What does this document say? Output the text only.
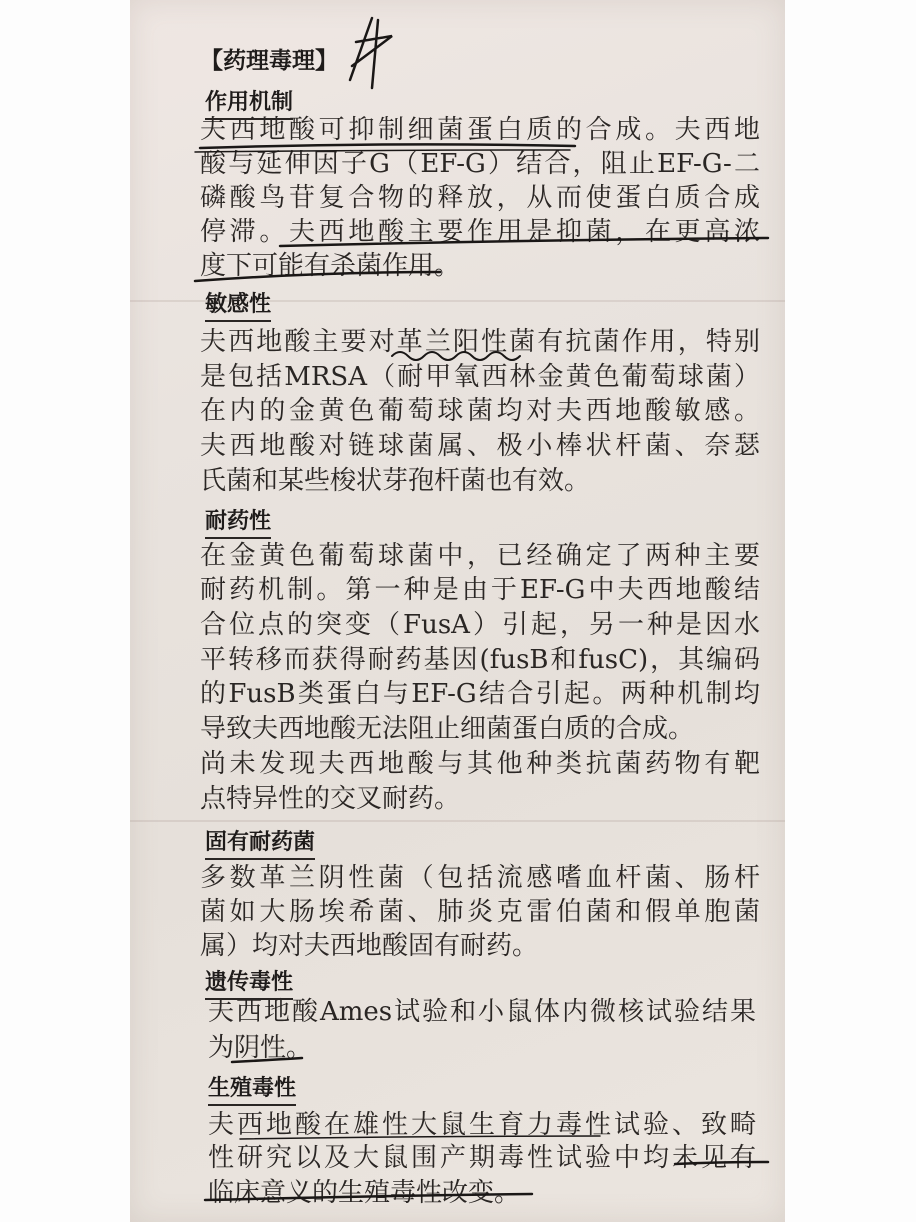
【药理毒理】
作用机制
夫西地酸可抑制细菌蛋白质的合成。夫西地
酸与延伸因子G（EF-G）结合，阻止EF-G-二
磷酸鸟苷复合物的释放，从而使蛋白质合成
停滞。夫西地酸主要作用是抑菌，在更高浓
度下可能有杀菌作用。
敏感性
夫西地酸主要对革兰阳性菌有抗菌作用，特别
是包括MRSA（耐甲氧西林金黄色葡萄球菌）
在内的金黄色葡萄球菌均对夫西地酸敏感。
夫西地酸对链球菌属、极小棒状杆菌、奈瑟
氏菌和某些梭状芽孢杆菌也有效。
耐药性
在金黄色葡萄球菌中，已经确定了两种主要
耐药机制。第一种是由于EF-G中夫西地酸结
合位点的突变（FusA）引起，另一种是因水
平转移而获得耐药基因(fusB和fusC)，其编码
的FusB类蛋白与EF-G结合引起。两种机制均
导致夫西地酸无法阻止细菌蛋白质的合成。
尚未发现夫西地酸与其他种类抗菌药物有靶
点特异性的交叉耐药。
固有耐药菌
多数革兰阴性菌（包括流感嗜血杆菌、肠杆
菌如大肠埃希菌、肺炎克雷伯菌和假单胞菌
属）均对夫西地酸固有耐药。
遗传毒性
夫西地酸Ames试验和小鼠体内微核试验结果
为阴性。
生殖毒性
夫西地酸在雄性大鼠生育力毒性试验、致畸
性研究以及大鼠围产期毒性试验中均未见有
临床意义的生殖毒性改变。
